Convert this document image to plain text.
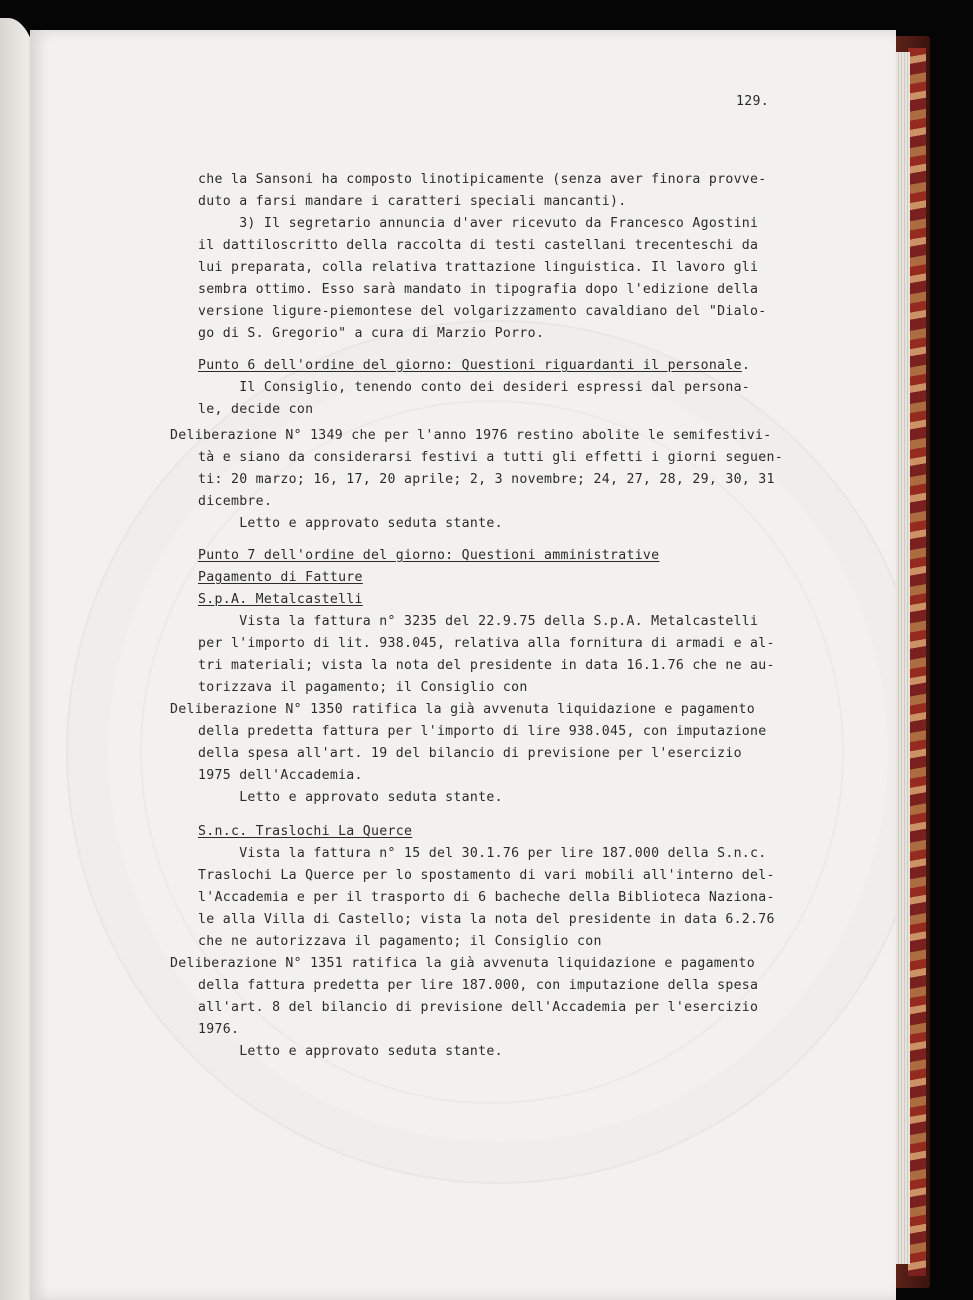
129.
che la Sansoni ha composto linotipicamente (senza aver finora provve-
duto a farsi mandare i caratteri speciali mancanti).
3) Il segretario annuncia d'aver ricevuto da Francesco Agostini
il dattiloscritto della raccolta di testi castellani trecenteschi da
lui preparata, colla relativa trattazione linguistica. Il lavoro gli
sembra ottimo. Esso sarà mandato in tipografia dopo l'edizione della
versione ligure-piemontese del volgarizzamento cavaldiano del "Dialo-
go di S. Gregorio" a cura di Marzio Porro.
Punto 6 dell'ordine del giorno: Questioni riguardanti il personale.
Il Consiglio, tenendo conto dei desideri espressi dal persona-
le, decide con
Deliberazione N° 1349 che per l'anno 1976 restino abolite le semifestivi-
tà e siano da considerarsi festivi a tutti gli effetti i giorni seguen-
ti: 20 marzo; 16, 17, 20 aprile; 2, 3 novembre; 24, 27, 28, 29, 30, 31
dicembre.
Letto e approvato seduta stante.
Punto 7 dell'ordine del giorno: Questioni amministrative
Pagamento di Fatture
S.p.A. Metalcastelli
Vista la fattura n° 3235 del 22.9.75 della S.p.A. Metalcastelli
per l'importo di lit. 938.045, relativa alla fornitura di armadi e al-
tri materiali; vista la nota del presidente in data 16.1.76 che ne au-
torizzava il pagamento; il Consiglio con
Deliberazione N° 1350 ratifica la già avvenuta liquidazione e pagamento
della predetta fattura per l'importo di lire 938.045, con imputazione
della spesa all'art. 19 del bilancio di previsione per l'esercizio
1975 dell'Accademia.
Letto e approvato seduta stante.
S.n.c. Traslochi La Querce
Vista la fattura n° 15 del 30.1.76 per lire 187.000 della S.n.c.
Traslochi La Querce per lo spostamento di vari mobili all'interno del-
l'Accademia e per il trasporto di 6 bacheche della Biblioteca Naziona-
le alla Villa di Castello; vista la nota del presidente in data 6.2.76
che ne autorizzava il pagamento; il Consiglio con
Deliberazione N° 1351 ratifica la già avvenuta liquidazione e pagamento
della fattura predetta per lire 187.000, con imputazione della spesa
all'art. 8 del bilancio di previsione dell'Accademia per l'esercizio
1976.
Letto e approvato seduta stante.
